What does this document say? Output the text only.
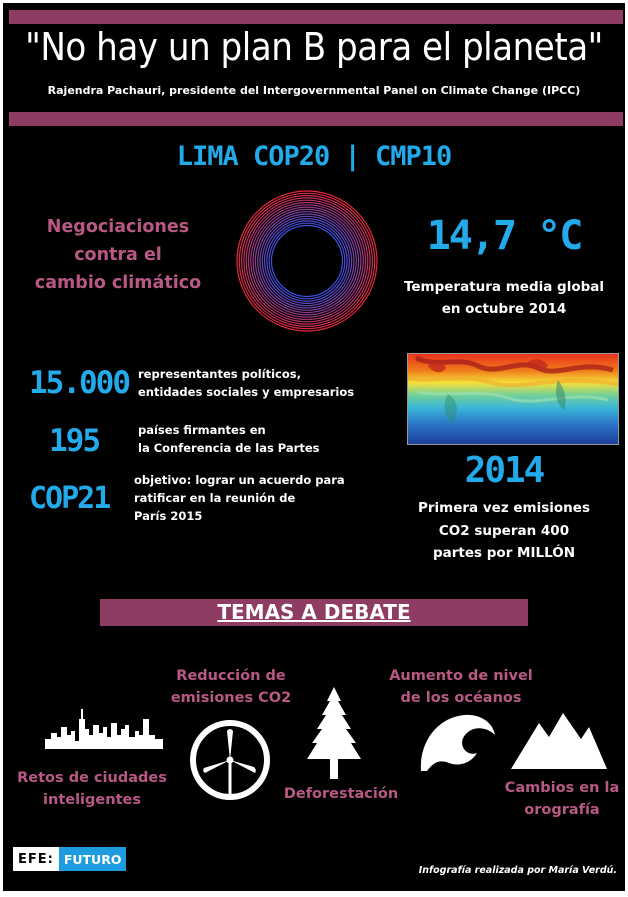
"No hay un plan B para el planeta"
Rajendra Pachauri, presidente del Intergovernmental Panel on Climate Change (IPCC)
LIMA COP20 | CMP10
Negociaciones
contra el
cambio climático
14,7 °C
Temperatura media global
en octubre 2014
15.000 representantes políticos,
entidades sociales y empresarios
195	países firmantes en
la Conferencia de las Partes
COP21
objetivo: lograr un acuerdo para
ratificar en la reunión de
París 2015
2014
Primera vez emisiones
CO2 superan 400
partes por MILLÓN
TEMAS A DEBATE
Retos de ciudades
inteligentes
Reducción de
emisiones CO2
Deforestación
Aumento de nivel
de los océanos
Cambios en la
orografía
EFE: FUTURO
Infografía realizada por María Verdú.
